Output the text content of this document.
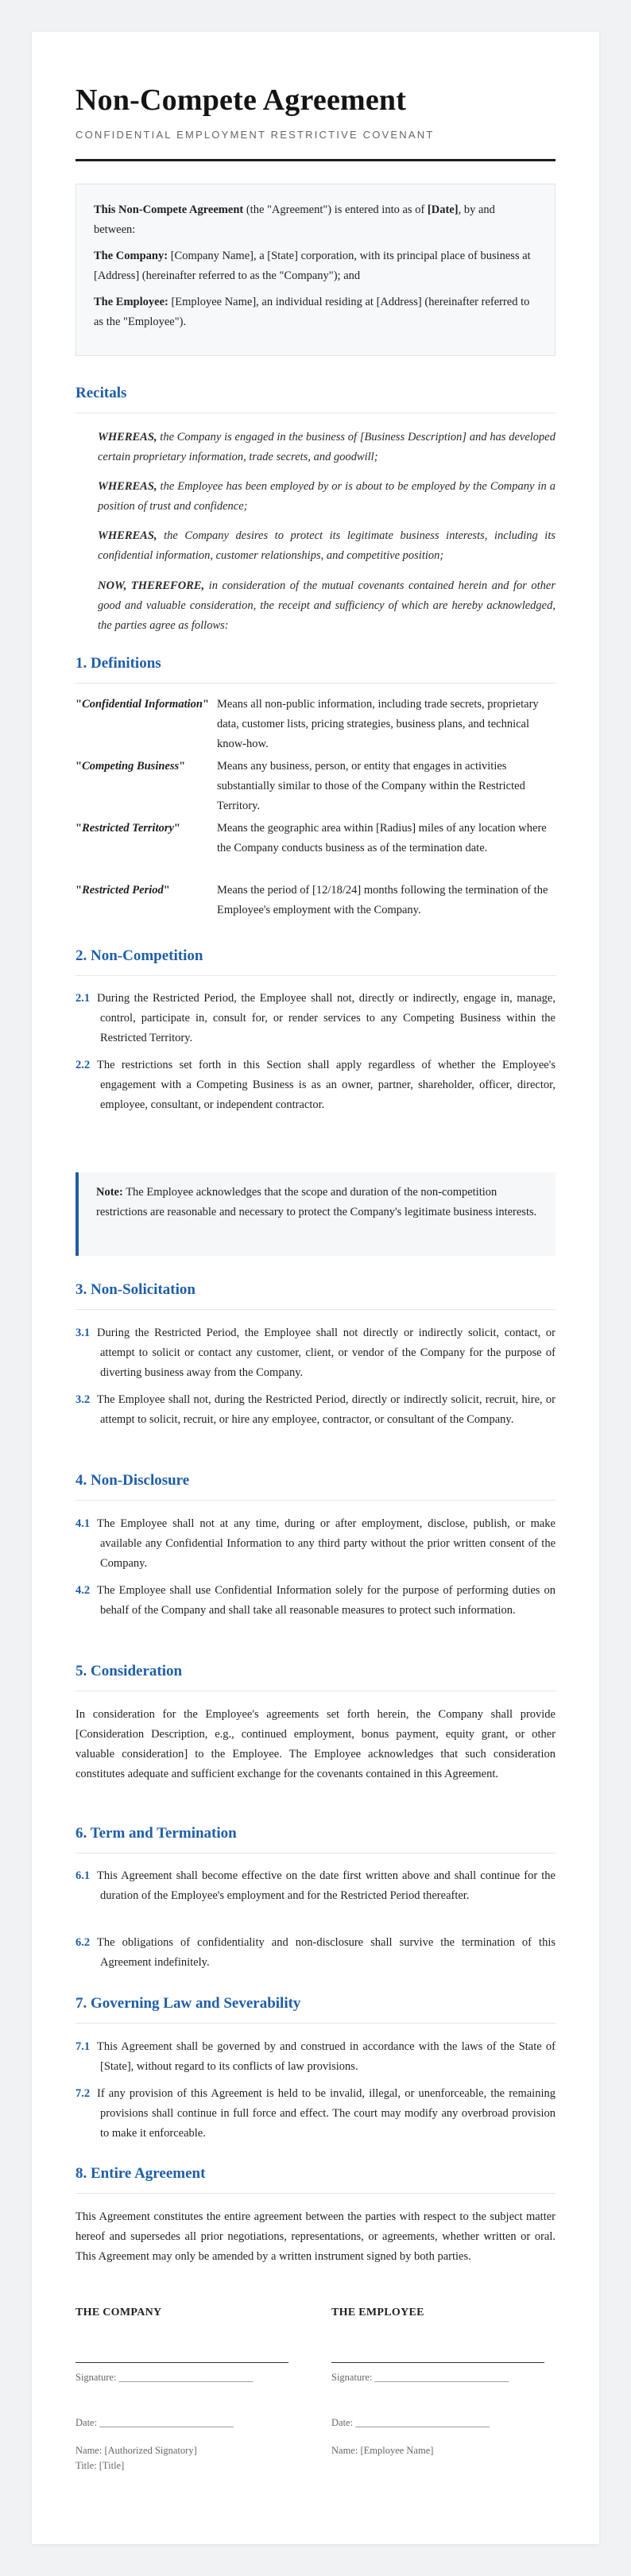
Non-Compete Agreement
CONFIDENTIAL EMPLOYMENT RESTRICTIVE COVENANT

This Non-Compete Agreement (the "Agreement") is entered into as of [Date], by and between:

The Company: [Company Name], a [State] corporation, with its principal place of business at [Address] (hereinafter referred to as the "Company"); and

The Employee: [Employee Name], an individual residing at [Address] (hereinafter referred to as the "Employee").

Recitals

WHEREAS, the Company is engaged in the business of [Business Description] and has developed certain proprietary information, trade secrets, and goodwill;

WHEREAS, the Employee has been employed by or is about to be employed by the Company in a position of trust and confidence;

WHEREAS, the Company desires to protect its legitimate business interests, including its confidential information, customer relationships, and competitive position;

NOW, THEREFORE, in consideration of the mutual covenants contained herein and for other good and valuable consideration, the receipt and sufficiency of which are hereby acknowledged, the parties agree as follows:

1. Definitions
"Confidential Information" Means all non-public information, including trade secrets, proprietary data, customer lists, pricing strategies, business plans, and technical know-how.
"Competing Business"	Means any business, person, or entity that engages in activities substantially similar to those of the Company within the Restricted Territory.
"Restricted Territory"	Means the geographic area within [Radius] miles of any location where the Company conducts business as of the termination date.
"Restricted Period"	Means the period of [12/18/24] months following the termination of the Employee's employment with the Company.
2. Non-Competition

2.1 During the Restricted Period, the Employee shall not, directly or indirectly, engage in, manage, control, participate in, consult for, or render services to any Competing Business within the Restricted Territory.

2.2 The restrictions set forth in this Section shall apply regardless of whether the Employee's engagement with a Competing Business is as an owner, partner, shareholder, officer, director, employee, consultant, or independent contractor.

Note: The Employee acknowledges that the scope and duration of the non-competition restrictions are reasonable and necessary to protect the Company's legitimate business interests.

3. Non-Solicitation

3.1 During the Restricted Period, the Employee shall not directly or indirectly solicit, contact, or attempt to solicit or contact any customer, client, or vendor of the Company for the purpose of diverting business away from the Company.

3.2 The Employee shall not, during the Restricted Period, directly or indirectly solicit, recruit, hire, or attempt to solicit, recruit, or hire any employee, contractor, or consultant of the Company.

4. Non-Disclosure

4.1 The Employee shall not at any time, during or after employment, disclose, publish, or make available any Confidential Information to any third party without the prior written consent of the Company.

4.2 The Employee shall use Confidential Information solely for the purpose of performing duties on behalf of the Company and shall take all reasonable measures to protect such information.

5. Consideration

In consideration for the Employee's agreements set forth herein, the Company shall provide [Consideration Description, e.g., continued employment, bonus payment, equity grant, or other valuable consideration] to the Employee. The Employee acknowledges that such consideration constitutes adequate and sufficient exchange for the covenants contained in this Agreement.

6. Term and Termination

6.1 This Agreement shall become effective on the date first written above and shall continue for the duration of the Employee's employment and for the Restricted Period thereafter.

6.2 The obligations of confidentiality and non-disclosure shall survive the termination of this Agreement indefinitely.

7. Governing Law and Severability

7.1 This Agreement shall be governed by and construed in accordance with the laws of the State of [State], without regard to its conflicts of law provisions.

7.2 If any provision of this Agreement is held to be invalid, illegal, or unenforceable, the remaining provisions shall continue in full force and effect. The court may modify any overbroad provision to make it enforceable.

8. Entire Agreement

This Agreement constitutes the entire agreement between the parties with respect to the subject matter hereof and supersedes all prior negotiations, representations, or agreements, whether written or oral. This Agreement may only be amended by a written instrument signed by both parties.

THE COMPANY
Signature: ___________________________
Date: ___________________________
Name: [Authorized Signatory]
Title: [Title]
THE EMPLOYEE
Signature: ___________________________
Date: ___________________________
Name: [Employee Name]
